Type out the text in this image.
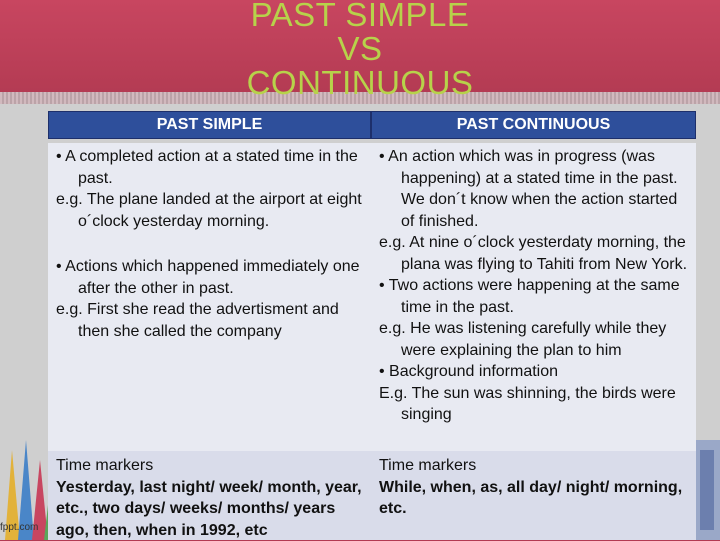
fppt.com
PAST SIMPLE
VS
CONTINUOUS
PAST SIMPLE	PAST CONTINUOUS
• A completed action at a stated time in the past.
e.g. The plane landed at the airport at eight o´clock yesterday morning.
• Actions which happened immediately one after the other in past.
e.g. First she read the advertisment and then she called the company
• An action which was in progress (was happening) at a stated time in the past. We don´t know when the action started of finished.
e.g. At nine o´clock yesterdaty morning, the plana was flying to Tahiti from New York.
• Two actions were happening at the same time in the past.
e.g. He was listening carefully while they were explaining the plan to him
• Background information
E.g. The sun was shinning, the birds were singing
Time markers
Yesterday, last night/ week/ month, year, etc., two days/ weeks/ months/ years ago, then, when in 1992, etc
Time markers
While, when, as, all day/ night/ morning, etc.
